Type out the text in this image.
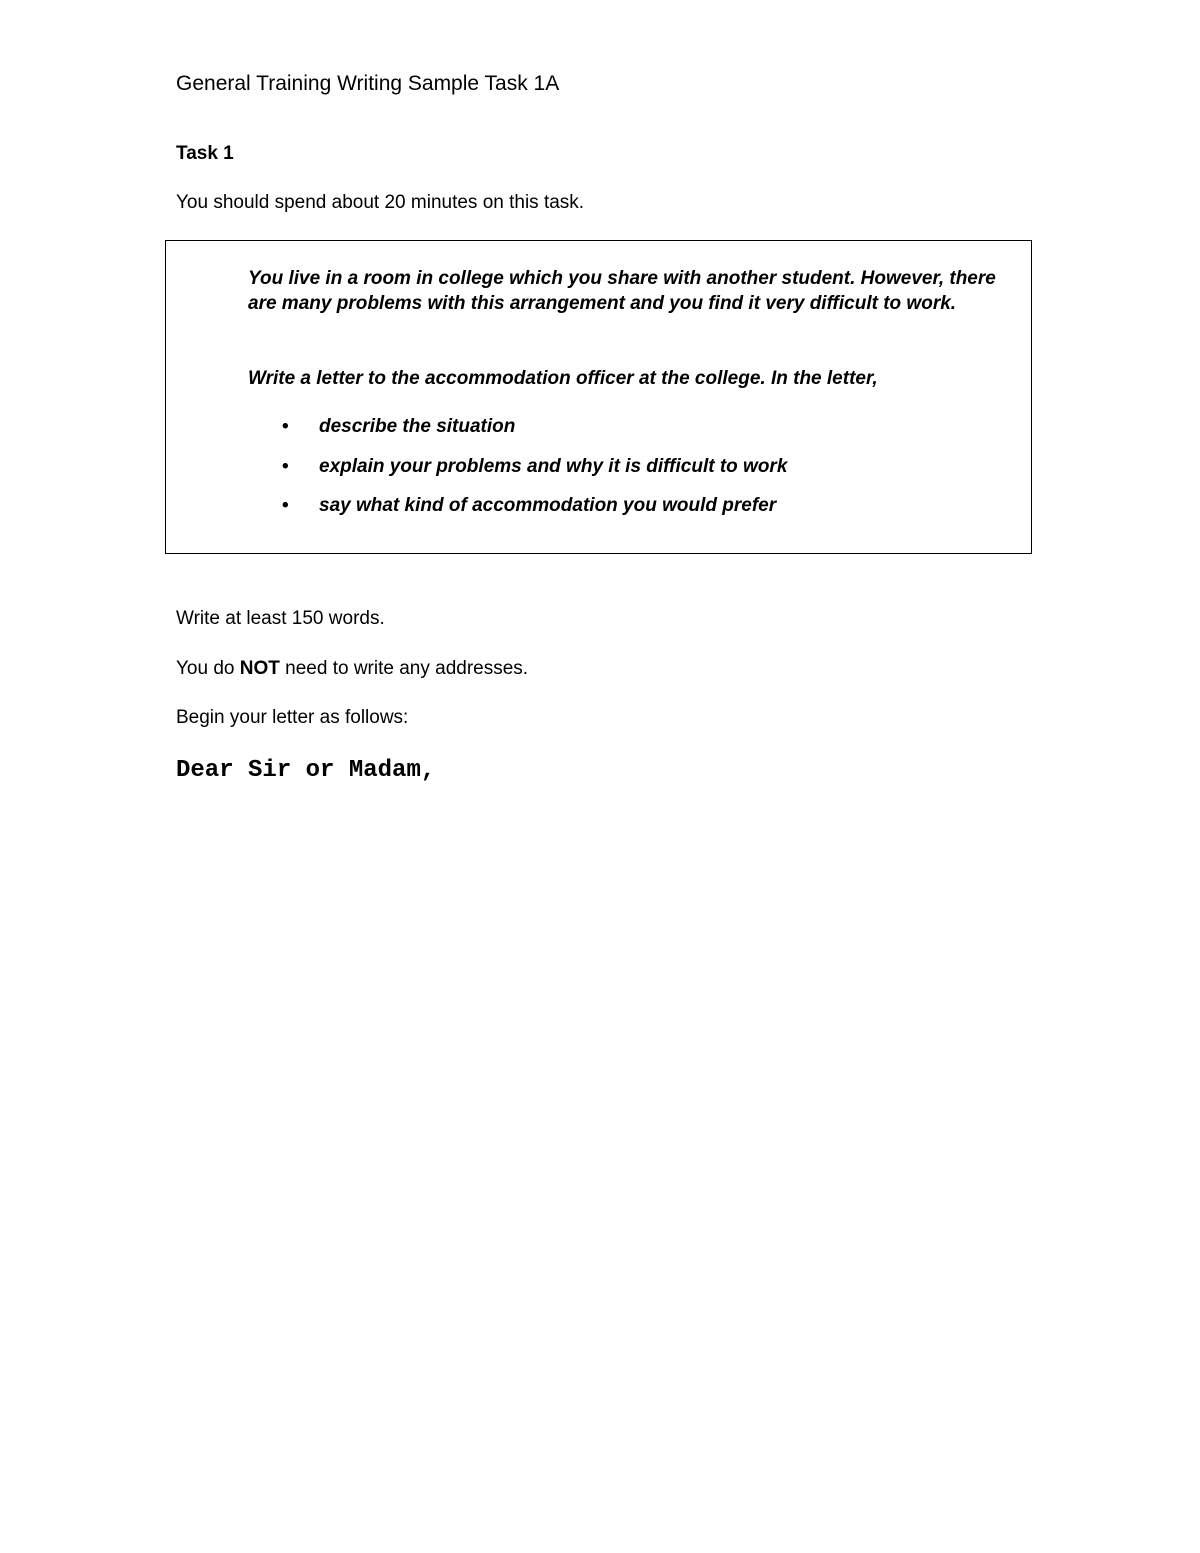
General Training Writing Sample Task 1A
Task 1

You should spend about 20 minutes on this task.

You live in a room in college which you share with another student. However, there are many problems with this arrangement and you find it very difficult to work.

Write a letter to the accommodation officer at the college. In the letter,

• describe the situation
• explain your problems and why it is difficult to work
• say what kind of accommodation you would prefer

Write at least 150 words.

You do NOT need to write any addresses.

Begin your letter as follows:

Dear Sir or Madam,
